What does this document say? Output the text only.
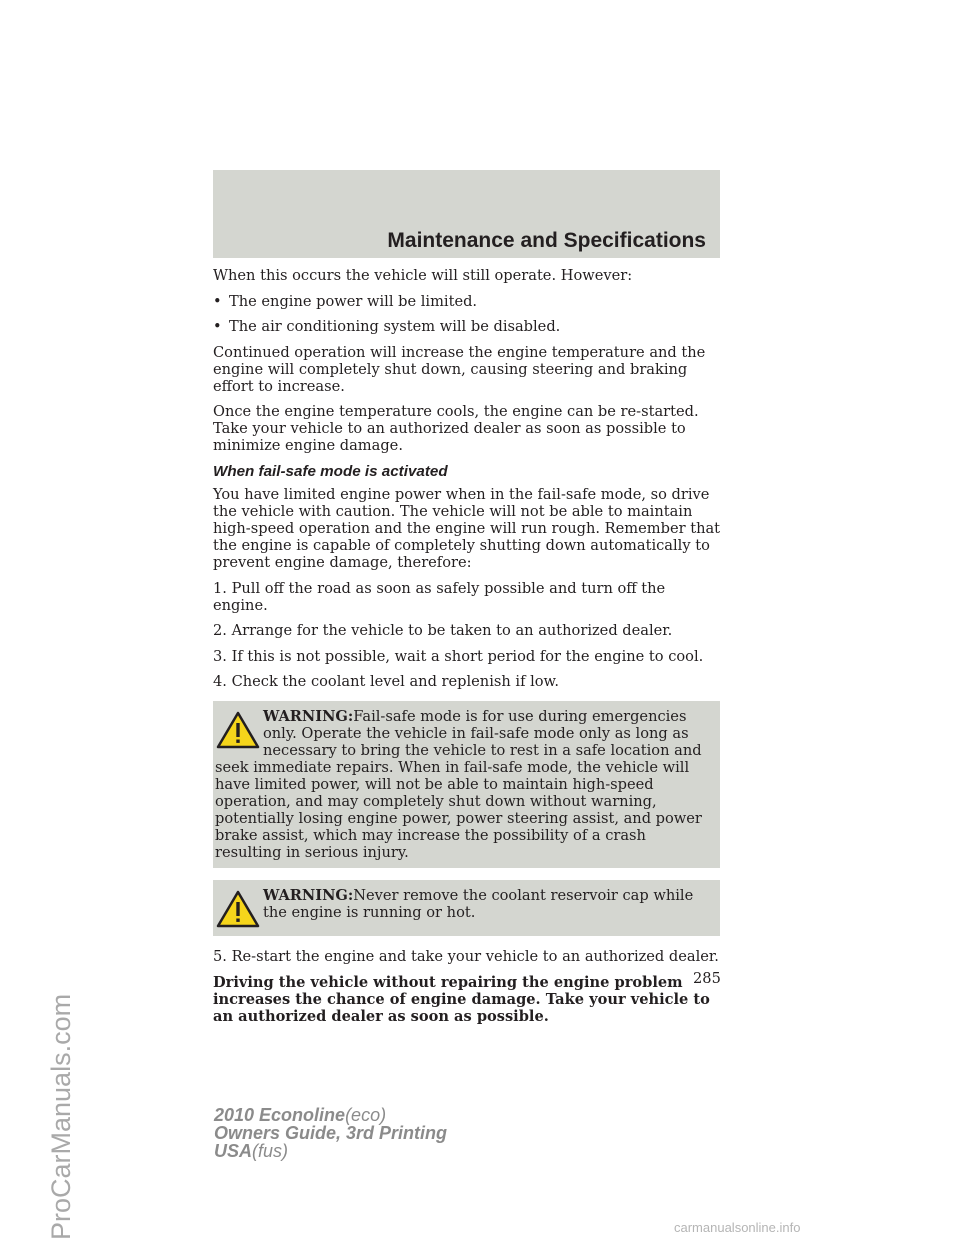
Maintenance and Specifications

When this occurs the vehicle will still operate. However:

• The engine power will be limited.
• The air conditioning system will be disabled.

Continued operation will increase the engine temperature and the engine will completely shut down, causing steering and braking effort to increase.

Once the engine temperature cools, the engine can be re-started. Take your vehicle to an authorized dealer as soon as possible to minimize engine damage.

When fail-safe mode is activated

You have limited engine power when in the fail-safe mode, so drive the vehicle with caution. The vehicle will not be able to maintain high-speed operation and the engine will run rough. Remember that the engine is capable of completely shutting down automatically to prevent engine damage, therefore:

1. Pull off the road as soon as safely possible and turn off the engine.

2. Arrange for the vehicle to be taken to an authorized dealer.

3. If this is not possible, wait a short period for the engine to cool.

4. Check the coolant level and replenish if low.

WARNING:Fail-safe mode is for use during emergencies only. Operate the vehicle in fail-safe mode only as long as necessary to bring the vehicle to rest in a safe location and seek immediate repairs. When in fail-safe mode, the vehicle will have limited power, will not be able to maintain high-speed operation, and may completely shut down without warning, potentially losing engine power, power steering assist, and power brake assist, which may increase the possibility of a crash resulting in serious injury.

WARNING:Never remove the coolant reservoir cap while the engine is running or hot.

5. Re-start the engine and take your vehicle to an authorized dealer.

Driving the vehicle without repairing the engine problem increases the chance of engine damage. Take your vehicle to an authorized dealer as soon as possible.

285
2010 Econoline(eco)
Owners Guide, 3rd Printing
USA(fus)
ProCarManuals.com	carmanualsonline.info
